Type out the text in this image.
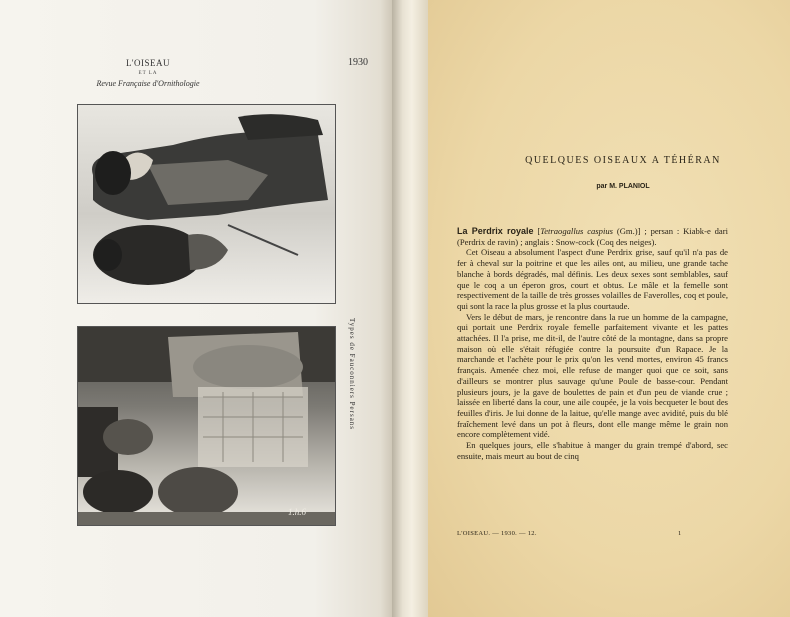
L'OISEAU
ET LA
Revue Française d'Ornithologie
1930
1.h.6
Types de Fauconniers Persans
QUELQUES OISEAUX A TÉHÉRAN
par M. PLANIOL

La Perdrix royale [Tetraogallus caspius (Gm.)] ; persan : Kiabk-e dari (Perdrix de ravin) ; anglais : Snow-cock (Coq des neiges).

Cet Oiseau a absolument l'aspect d'une Perdrix grise, sauf qu'il n'a pas de fer à cheval sur la poitrine et que les ailes ont, au milieu, une grande tache blanche à bords dégradés, mal définis. Les deux sexes sont semblables, sauf que le coq a un éperon gros, court et obtus. Le mâle et la femelle sont respectivement de la taille de très grosses volailles de Faverolles, coq et poule, qui sont la race la plus grosse et la plus courtaude.

Vers le début de mars, je rencontre dans la rue un homme de la campagne, qui portait une Perdrix royale femelle parfaitement vivante et les pattes attachées. Il l'a prise, me dit-il, de l'autre côté de la montagne, dans sa propre maison où elle s'était réfugiée contre la poursuite d'un Rapace. Je la marchande et l'achète pour le prix qu'on les vend mortes, environ 45 francs français. Amenée chez moi, elle refuse de manger quoi que ce soit, sans d'ailleurs se montrer plus sauvage qu'une Poule de basse-cour. Pendant plusieurs jours, je la gave de boulettes de pain et d'un peu de viande crue ; laissée en liberté dans la cour, une aile coupée, je la vois becqueter le bout des feuilles d'iris. Je lui donne de la laitue, qu'elle mange avec avidité, puis du blé fraîchement levé dans un pot à fleurs, dont elle mange même le grain non encore complètement vidé.

En quelques jours, elle s'habitue à manger du grain trempé d'abord, sec ensuite, mais meurt au bout de cinq

L'OISEAU. — 1930. — 12.	1
